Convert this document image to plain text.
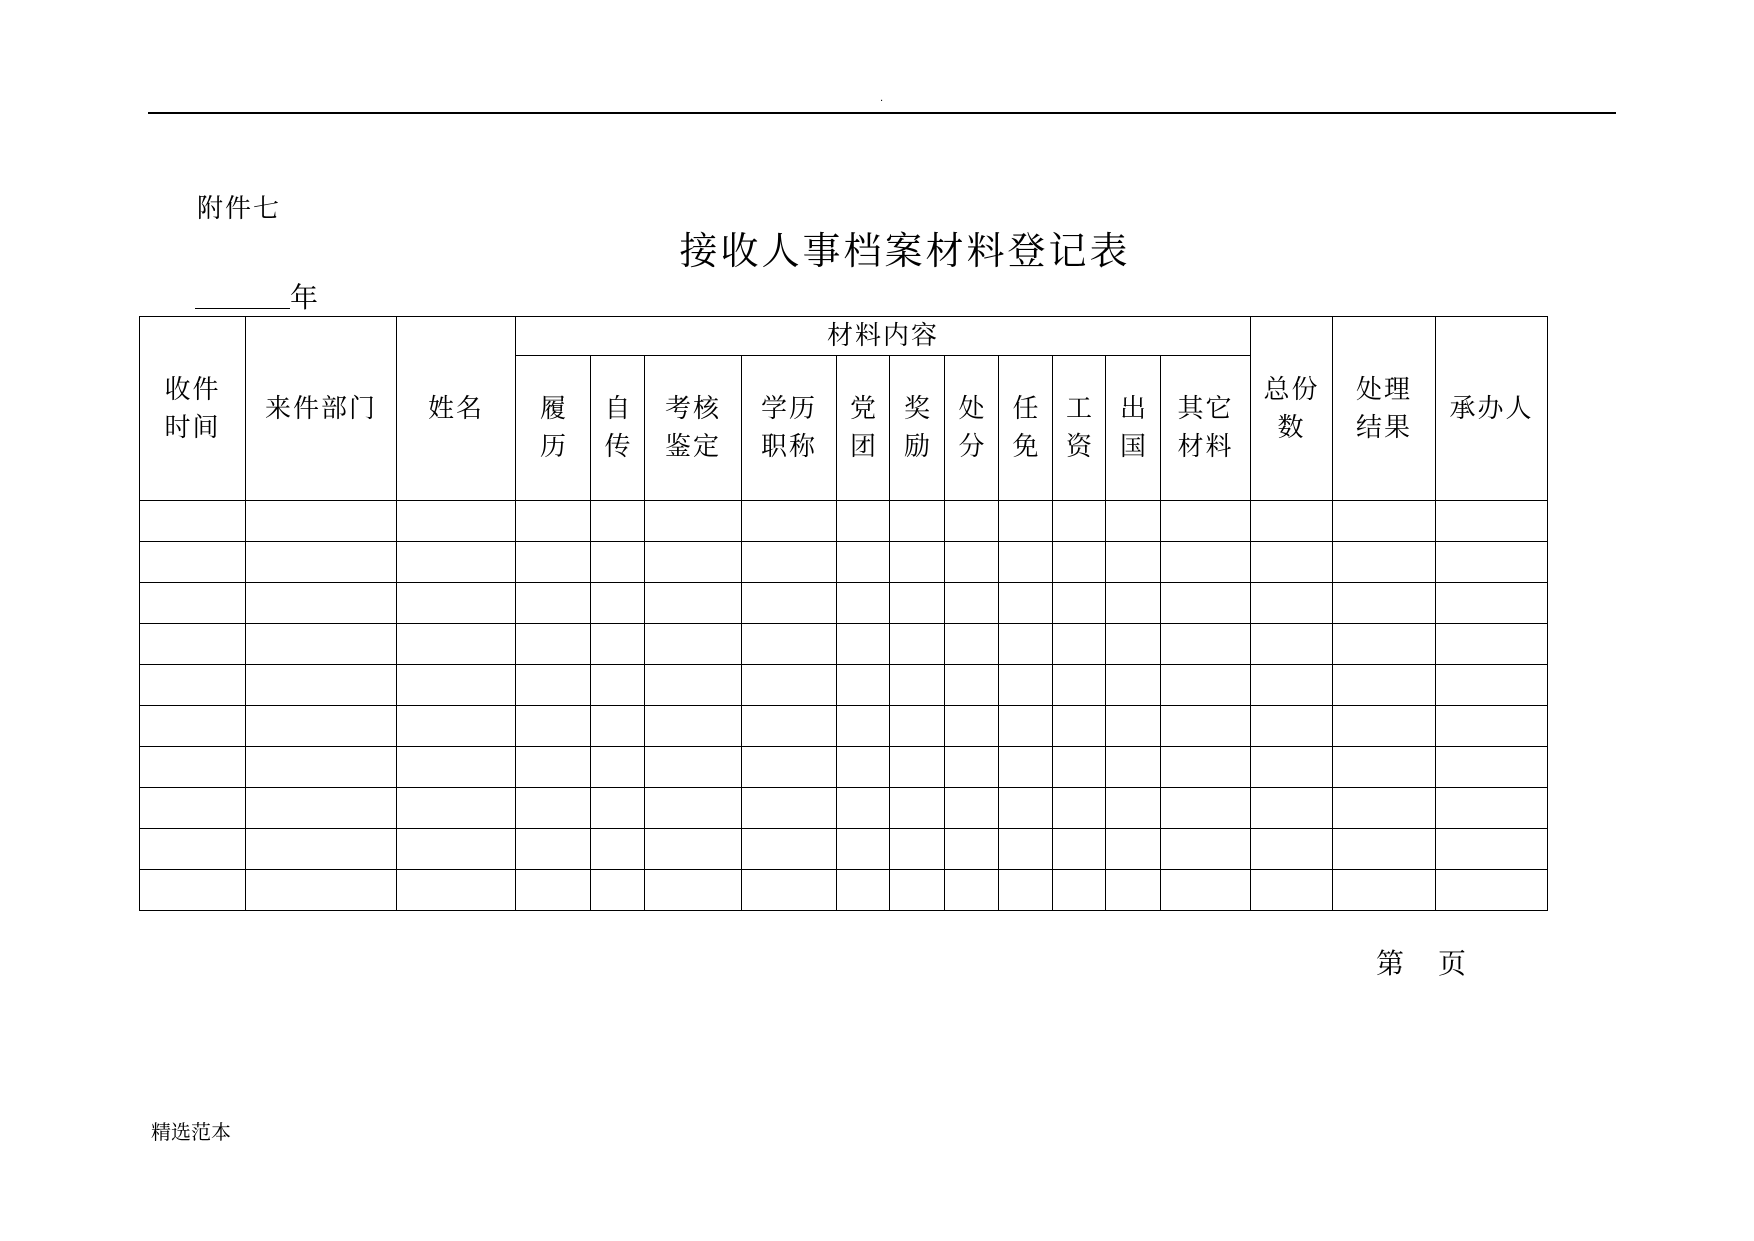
.
附件七
接收人事档案材料登记表
年
收件时间	来件部门	姓名	材料内容											总份数	处理结果	承办人
			履历	自传	考核鉴定	学历职称	党团	奖励	处分	任免	工资	出国	其它材料			

第 页
精选范本
